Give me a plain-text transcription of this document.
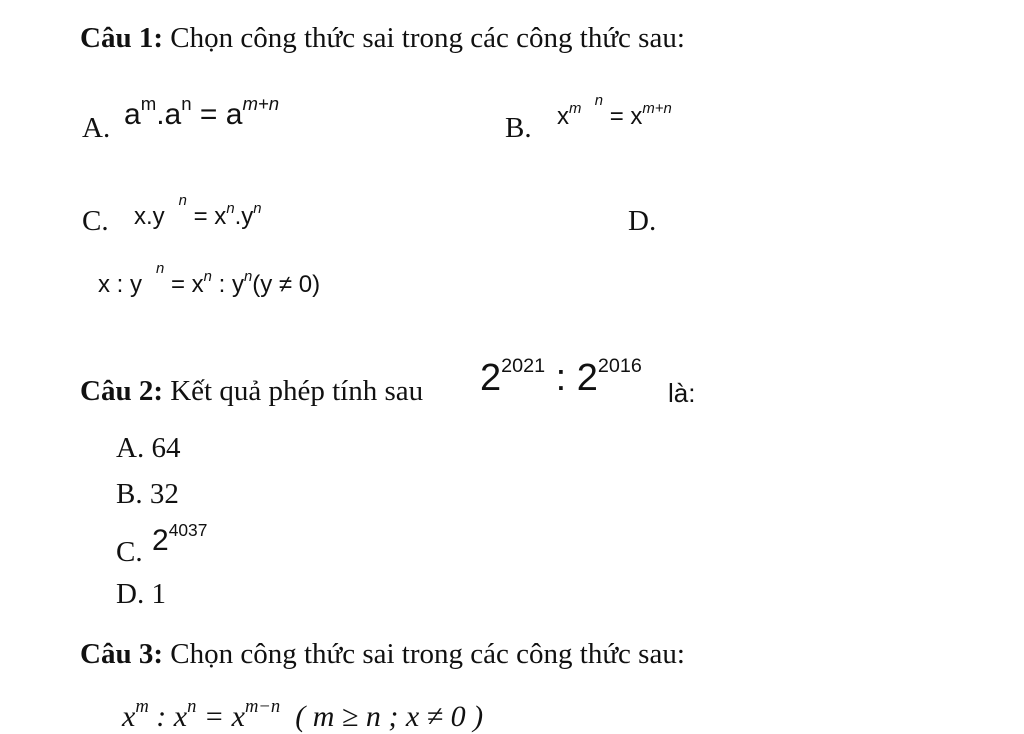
Câu 1: Chọn công thức sai trong các công thức sau:
A. $a^m.a^n = a^{m+n}$
B. $x^m$  $^n = x^{m+n}$
C. $x.y^n = x^n.y^n$	D.
x : $y^n = x^n$ : $y^n(y \ne 0)$
Câu 2: Kết quả phép tính sau $2^{2021}$ : $2^{2016}$
là:
A. 64
B. 32
C. $2^{4037}$
D. 1
Câu 3: Chọn công thức sai trong các công thức sau:
$x^m$ : $x^n = x^{m-n}$  ( m ≥ n ; x ≠ 0 )
